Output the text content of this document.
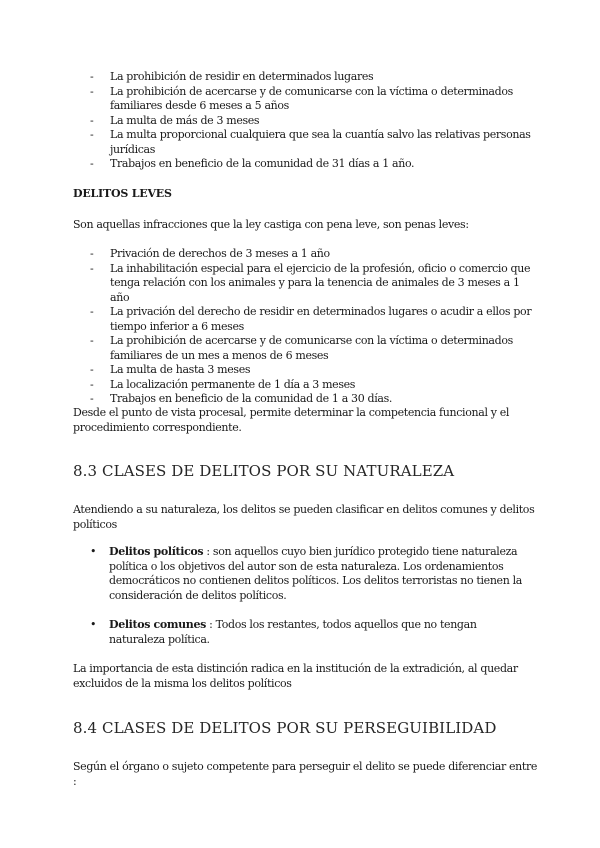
- La prohibición de residir en determinados lugares
- La prohibición de acercarse y de comunicarse con la víctima o determinados familiares desde 6 meses a 5 años
- La multa de más de 3 meses
- La multa proporcional cualquiera que sea la cuantía salvo las relativas personas jurídicas
- Trabajos en beneficio de la comunidad de 31 días a 1 año.
DELITOS LEVES

Son aquellas infracciones que la ley castiga con pena leve, son penas leves:

- Privación de derechos de 3 meses a 1 año
- La inhabilitación especial para el ejercicio de la profesión, oficio o comercio que tenga relación con los animales y para la tenencia de animales de 3 meses a 1 año
- La privación del derecho de residir en determinados lugares o acudir a ellos por tiempo inferior a 6 meses
- La prohibición de acercarse y de comunicarse con la víctima o determinados familiares de un mes a menos de 6 meses
- La multa de hasta 3 meses
- La localización permanente de 1 día a 3 meses
- Trabajos en beneficio de la comunidad de 1 a 30 días.

Desde el punto de vista procesal, permite determinar la competencia funcional y el procedimiento correspondiente.

8.3 CLASES DE DELITOS POR SU NATURALEZA

Atendiendo a su naturaleza, los delitos se pueden clasificar en delitos comunes y delitos políticos

• Delitos políticos : son aquellos cuyo bien jurídico protegido tiene naturaleza política o los objetivos del autor son de esta naturaleza. Los ordenamientos democráticos no contienen delitos políticos. Los delitos terroristas no tienen la consideración de delitos políticos.
• Delitos comunes : Todos los restantes, todos aquellos que no tengan naturaleza política.

La importancia de esta distinción radica en la institución de la extradición, al quedar excluidos de la misma los delitos políticos

8.4 CLASES DE DELITOS POR SU PERSEGUIBILIDAD

Según el órgano o sujeto competente para perseguir el delito se puede diferenciar entre :
